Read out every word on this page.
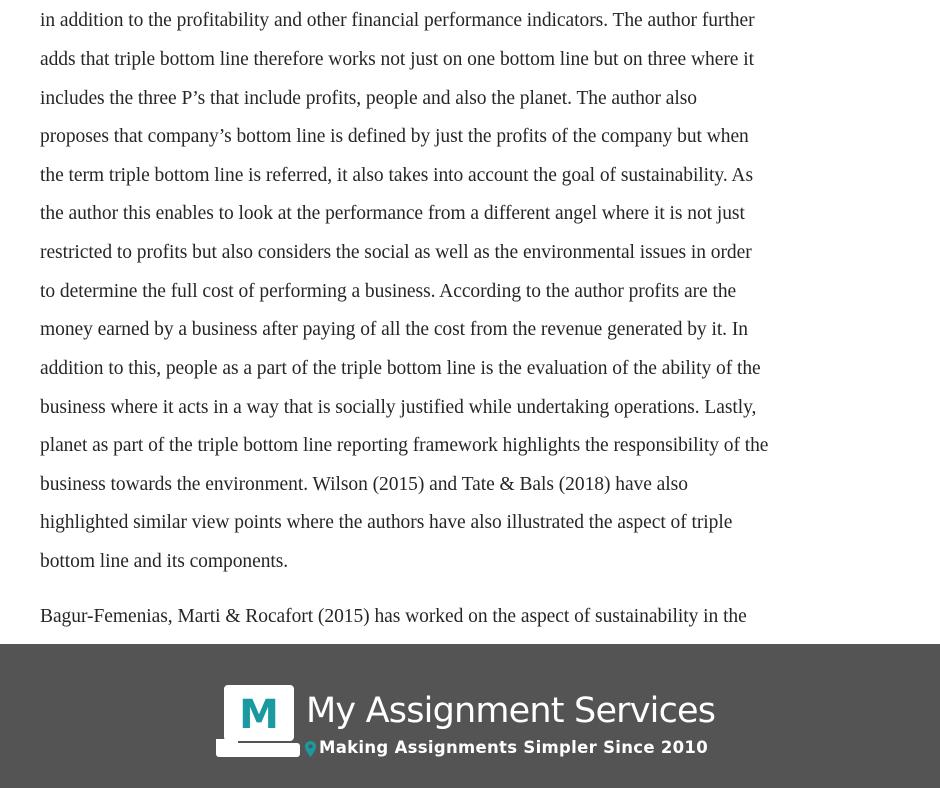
in addition to the profitability and other financial performance indicators. The author further
adds that triple bottom line therefore works not just on one bottom line but on three where it
includes the three P’s that include profits, people and also the planet. The author also
proposes that company’s bottom line is defined by just the profits of the company but when
the term triple bottom line is referred, it also takes into account the goal of sustainability. As
the author this enables to look at the performance from a different angel where it is not just
restricted to profits but also considers the social as well as the environmental issues in order
to determine the full cost of performing a business. According to the author profits are the
money earned by a business after paying of all the cost from the revenue generated by it. In
addition to this, people as a part of the triple bottom line is the evaluation of the ability of the
business where it acts in a way that is socially justified while undertaking operations. Lastly,
planet as part of the triple bottom line reporting framework highlights the responsibility of the
business towards the environment. Wilson (2015) and Tate & Bals (2018) have also
highlighted similar view points where the authors have also illustrated the aspect of triple
bottom line and its components.
Bagur-Femenias, Marti & Rocafort (2015) has worked on the aspect of sustainability in the
M My Assignment Services
Making Assignments Simpler Since 2010
